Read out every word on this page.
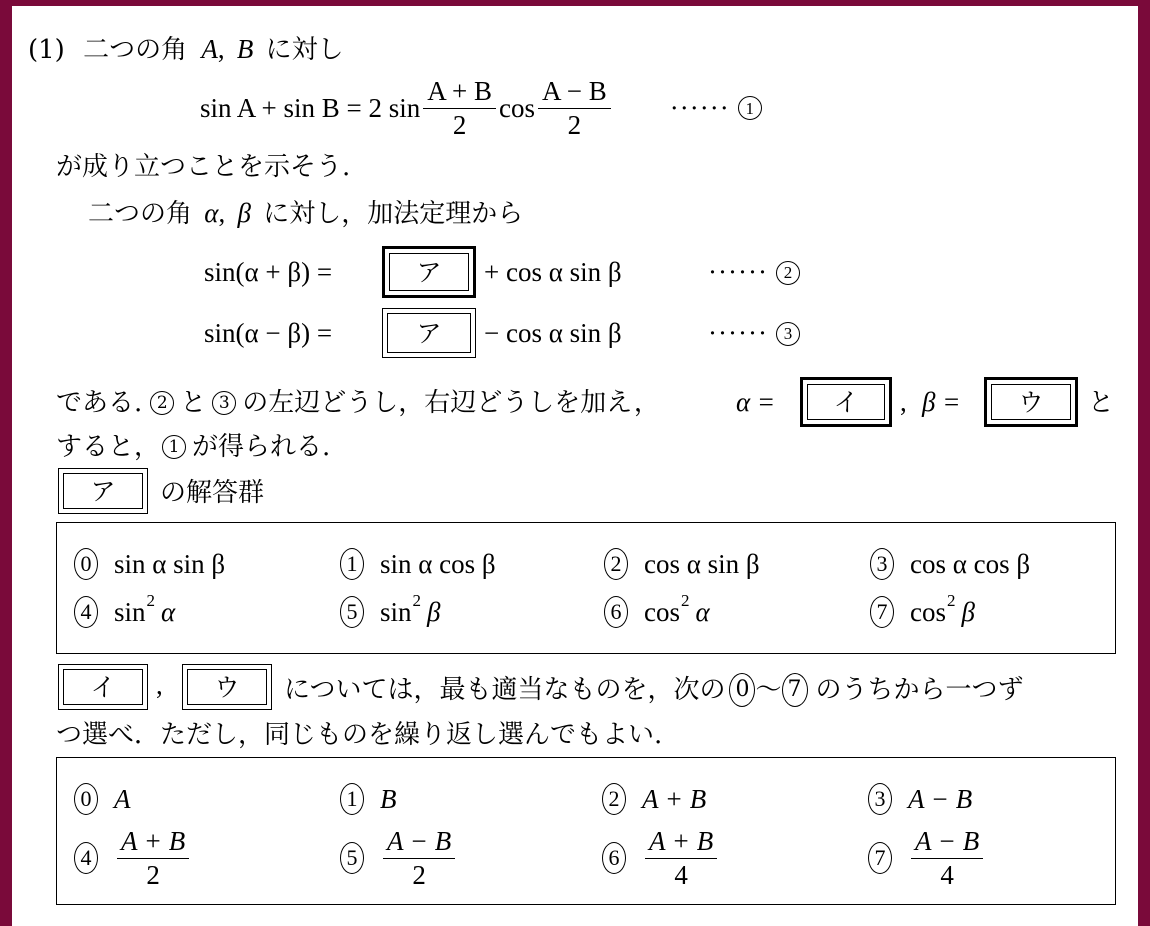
(1) 二つの角 A, B に対し
sin A + sin B = 2 $\sin \frac{A + B}{2}$ $\cos \frac{A - B}{2}$ ······ 1
が成り立つことを示そう.
二つの角 α, β に対し，加法定理から
sin(α + β) =	ア	+ cos α sin β	······ 2
sin(α − β) =	ア	− cos α sin β	······ 3
である. 2 と 3 の左辺どうし，右辺どうしを加え，	α =	イ	, β =	ウ	と
すると， 1 が得られる.
ア	の解答群
0 sin α sin β	1 sin α cos β	2 cos α sin β	3 cos α cos β
4 sin 2 α	5 sin 2 β	6 cos 2 α	7 cos 2 β
イ	,	ウ	については，最も適当なものを，次の 0 〜 7 のうちから一つず
つ選べ．ただし，同じものを繰り返し選んでもよい.
0 A	1 B	2 A + B	3 A − B
$4 \frac{A + B}{2}$	$5 \frac{A - B}{2}$	$6 \frac{A + B}{4}$	$7 \frac{A - B}{4}$
